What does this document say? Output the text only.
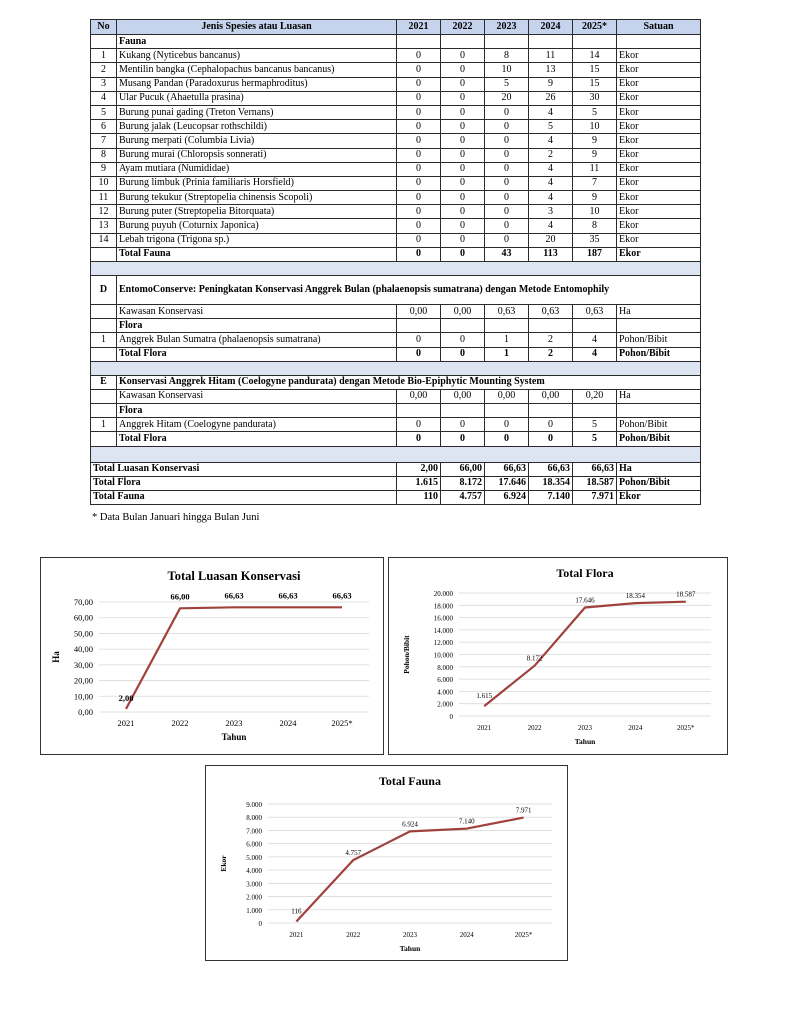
No	Jenis Spesies atau Luasan	2021	2022	2023	2024	2025*	Satuan
	Fauna						
1	Kukang (Nyticebus bancanus)	0	0	8	11	14	Ekor
2	Mentilin bangka (Cephalopachus bancanus bancanus)	0	0	10	13	15	Ekor
3	Musang Pandan (Paradoxurus hermaphroditus)	0	0	5	9	15	Ekor
4	Ular Pucuk (Ahaetulla prasina)	0	0	20	26	30	Ekor
5	Burung punai gading (Treton Vernans)	0	0	0	4	5	Ekor
6	Burung jalak (Leucopsar rothschildi)	0	0	0	5	10	Ekor
7	Burung merpati (Columbia Livia)	0	0	0	4	9	Ekor
8	Burung murai (Chloropsis sonnerati)	0	0	0	2	9	Ekor
9	Ayam mutiara (Numididae)	0	0	0	4	11	Ekor
10	Burung limbuk (Prinia familiaris Horsfield)	0	0	0	4	7	Ekor
11	Burung tekukur (Streptopelia chinensis Scopoli)	0	0	0	4	9	Ekor
12	Burung puter (Streptopelia Bitorquata)	0	0	0	3	10	Ekor
13	Burung puyuh (Coturnix Japonica)	0	0	0	4	8	Ekor
14	Lebah trigona (Trigona sp.)	0	0	0	20	35	Ekor
	Total Fauna	0	0	43	113	187	Ekor

D	EntomoConserve: Peningkatan Konservasi Anggrek Bulan (phalaenopsis sumatrana) dengan Metode Entomophily						
	Kawasan Konservasi	0,00	0,00	0,63	0,63	0,63	Ha
	Flora						
1	Anggrek Bulan Sumatra (phalaenopsis sumatrana)	0	0	1	2	4	Pohon/Bibit
	Total Flora	0	0	1	2	4	Pohon/Bibit

E	Konservasi Anggrek Hitam (Coelogyne pandurata) dengan Metode Bio-Epiphytic Mounting System						
	Kawasan Konservasi	0,00	0,00	0,00	0,00	0,20	Ha
	Flora						
1	Anggrek Hitam (Coelogyne pandurata)	0	0	0	0	5	Pohon/Bibit
	Total Flora	0	0	0	0	5	Pohon/Bibit

Total Luasan Konservasi		2,00	66,00	66,63	66,63	66,63	Ha
Total Flora		1.615	8.172	17.646	18.354	18.587	Pohon/Bibit
Total Fauna		110	4.757	6.924	7.140	7.971	Ekor
* Data Bulan Januari hingga Bulan Juni
Total Luasan Konservasi
0,00
10,00
20,00
30,00
40,00
50,00
60,00
70,00
2021	2022	2023	2024	2025*
Tahun
Ha
2,00
66,00	66,63	66,63	66,63
Total Flora
0
2.000
4.000
6.000
8.000
10.000
12.000
14.000
16.000
18.000
20.000
2021	2022	2023	2024	2025*
Tahun
Pohon/Bibit
1.615
8.172
17.646
18.354	18.587
Total Fauna
0
1.000
2.000
3.000
4.000
5.000
6.000
7.000
8.000
9.000
2021	2022	2023	2024	2025*
Tahun
Ekor
116
4.757
6.924	7.140
7.971
